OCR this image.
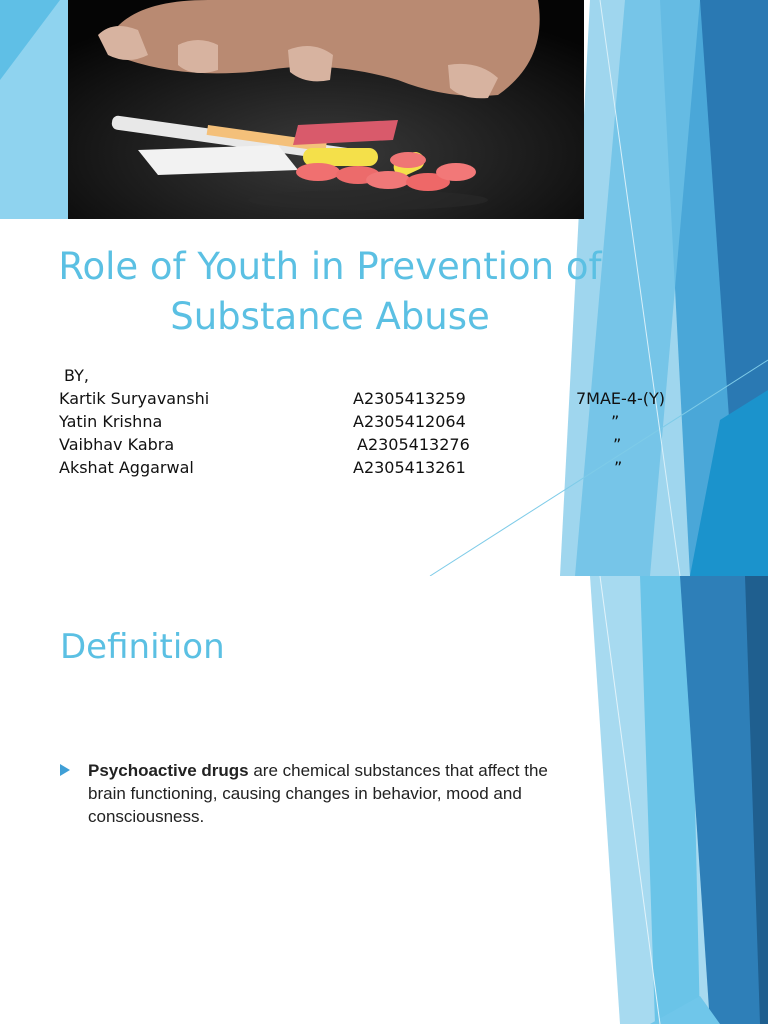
Role of Youth in Prevention of Substance Abuse
BY,
Kartik Suryavanshi	A2305413259	7MAE-4-(Y)
Yatin Krishna	A2305412064	”
Vaibhav Kabra	A2305413276	”
Akshat Aggarwal	A2305413261	”
Definition
Psychoactive drugs are chemical substances that affect the brain functioning, causing changes in behavior, mood and consciousness.
